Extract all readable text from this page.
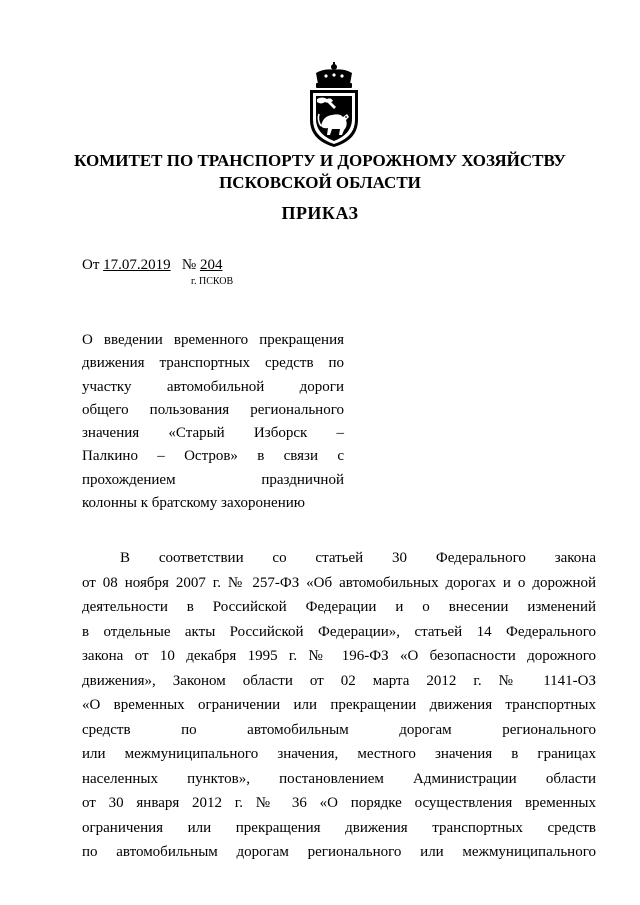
КОМИТЕТ ПО ТРАНСПОРТУ И ДОРОЖНОМУ ХОЗЯЙСТВУ
ПСКОВСКОЙ ОБЛАСТИ
ПРИКАЗ
От 17.07.2019 № 204
г. ПСКОВ
О введении временного прекращения
движения транспортных средств по
участку автомобильной дороги
общего пользования регионального
значения «Старый Изборск –
Палкино – Остров» в связи с
прохождением праздничной
колонны к братскому захоронению
В соответствии со статьей 30 Федерального закона
от 08 ноября 2007 г. № 257-ФЗ «Об автомобильных дорогах и о дорожной
деятельности в Российской Федерации и о внесении изменений
в отдельные акты Российской Федерации», статьей 14 Федерального
закона от 10 декабря 1995 г. № 196-ФЗ «О безопасности дорожного
движения», Законом области от 02 марта 2012 г. № 1141-ОЗ
«О временных ограничении или прекращении движения транспортных
средств по автомобильным дорогам регионального
или межмуниципального значения, местного значения в границах
населенных пунктов», постановлением Администрации области
от 30 января 2012 г. № 36 «О порядке осуществления временных
ограничения или прекращения движения транспортных средств
по автомобильным дорогам регионального или межмуниципального
